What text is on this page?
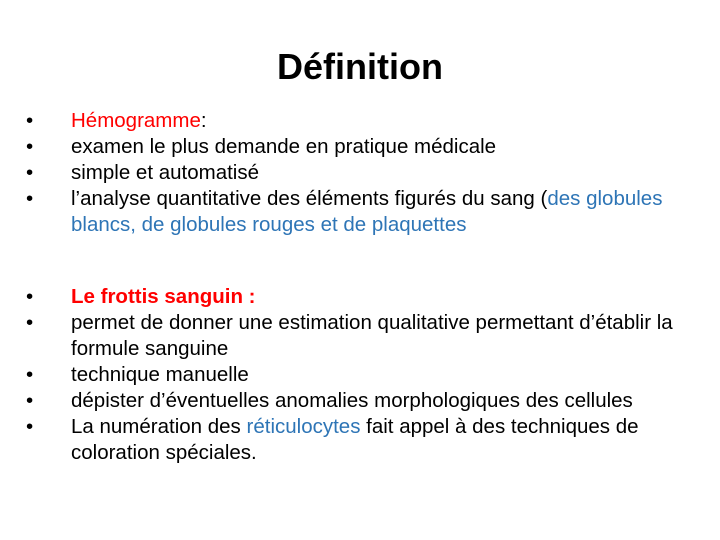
Définition
• Hémogramme:
• examen le plus demande en pratique médicale
• simple et automatisé
• l’analyse quantitative des éléments figurés du sang (des globules blancs, de globules rouges et de plaquettes
• Le frottis sanguin :
• permet de donner une estimation qualitative permettant d’établir la formule sanguine
• technique manuelle
• dépister d’éventuelles anomalies morphologiques des cellules
• La numération des réticulocytes fait appel à des techniques de coloration spéciales.
